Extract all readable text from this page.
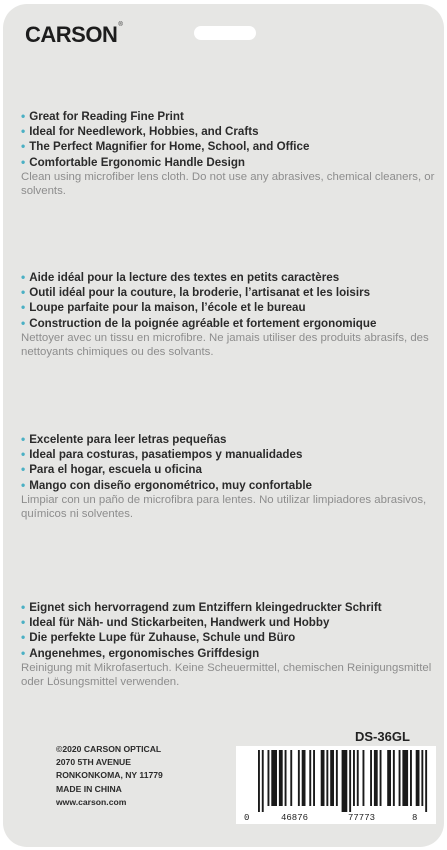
CARSON®
• Great for Reading Fine Print
• Ideal for Needlework, Hobbies, and Crafts
• The Perfect Magnifier for Home, School, and Office
• Comfortable Ergonomic Handle Design
Clean using microfiber lens cloth. Do not use any abrasives, chemical cleaners, or solvents.
• Aide idéal pour la lecture des textes en petits caractères
• Outil idéal pour la couture, la broderie, l’artisanat et les loisirs
• Loupe parfaite pour la maison, l’école et le bureau
• Construction de la poignée agréable et fortement ergonomique
Nettoyer avec un tissu en microfibre. Ne jamais utiliser des produits abrasifs, des nettoyants chimiques ou des solvants.
• Excelente para leer letras pequeñas
• Ideal para costuras, pasatiempos y manualidades
• Para el hogar, escuela u oficina
• Mango con diseño ergonométrico, muy confortable
Limpiar con un paño de microfibra para lentes. No utilizar limpiadores abrasivos, químicos ni solventes.
• Eignet sich hervorragend zum Entziffern kleingedruckter Schrift
• Ideal für Näh- und Stickarbeiten, Handwerk und Hobby
• Die perfekte Lupe für Zuhause, Schule und Büro
• Angenehmes, ergonomisches Griffdesign
Reinigung mit Mikrofasertuch. Keine Scheuermittel, chemischen Reinigungsmittel oder Lösungsmittel verwenden.
DS-36GL
©2020 CARSON OPTICAL
2070 5TH AVENUE
RONKONKOMA, NY 11779
MADE IN CHINA
www.carson.com
0	46876	77773	8
